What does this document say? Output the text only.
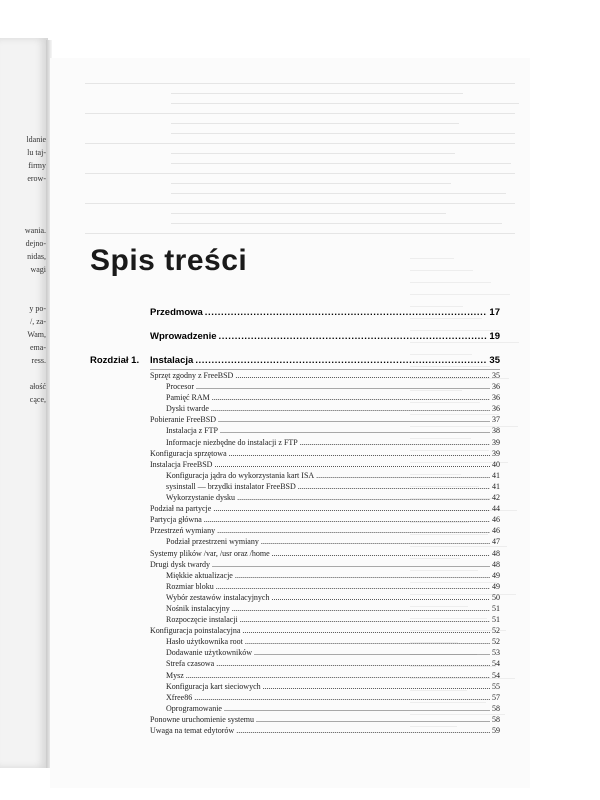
ldanie
lu taj-
firmy
erow-
wania.
dejno-
nidas,
wagi
y po-
/, za-
Wam,
ema-
ress.
ałość
cące,
Spis treści
Przedmowa .....	17
Wprowadzenie .....	19
Rozdział 1. Instalacja .....	35
Sprzęt zgodny z FreeBSD .....	35
Procesor .....	36
Pamięć RAM .....	36
Dyski twarde .....	36
Pobieranie FreeBSD .....	37
Instalacja z FTP .....	38
Informacje niezbędne do instalacji z FTP .....	39
Konfiguracja sprzętowa .....	39
Instalacja FreeBSD .....	40
Konfiguracja jądra do wykorzystania kart ISA .....	41
sysinstall — brzydki instalator FreeBSD .....	41
Wykorzystanie dysku .....	42
Podział na partycje .....	44
Partycja główna .....	46
Przestrzeń wymiany .....	46
Podział przestrzeni wymiany .....	47
Systemy plików /var, /usr oraz /home .....	48
Drugi dysk twardy .....	48
Miękkie aktualizacje .....	49
Rozmiar bloku .....	49
Wybór zestawów instalacyjnych .....	50
Nośnik instalacyjny .....	51
Rozpoczęcie instalacji .....	51
Konfiguracja poinstalacyjna .....	52
Hasło użytkownika root .....	52
Dodawanie użytkowników .....	53
Strefa czasowa .....	54
Mysz .....	54
Konfiguracja kart sieciowych .....	55
Xfree86 .....	57
Oprogramowanie .....	58
Ponowne uruchomienie systemu .....	58
Uwaga na temat edytorów .....	59
